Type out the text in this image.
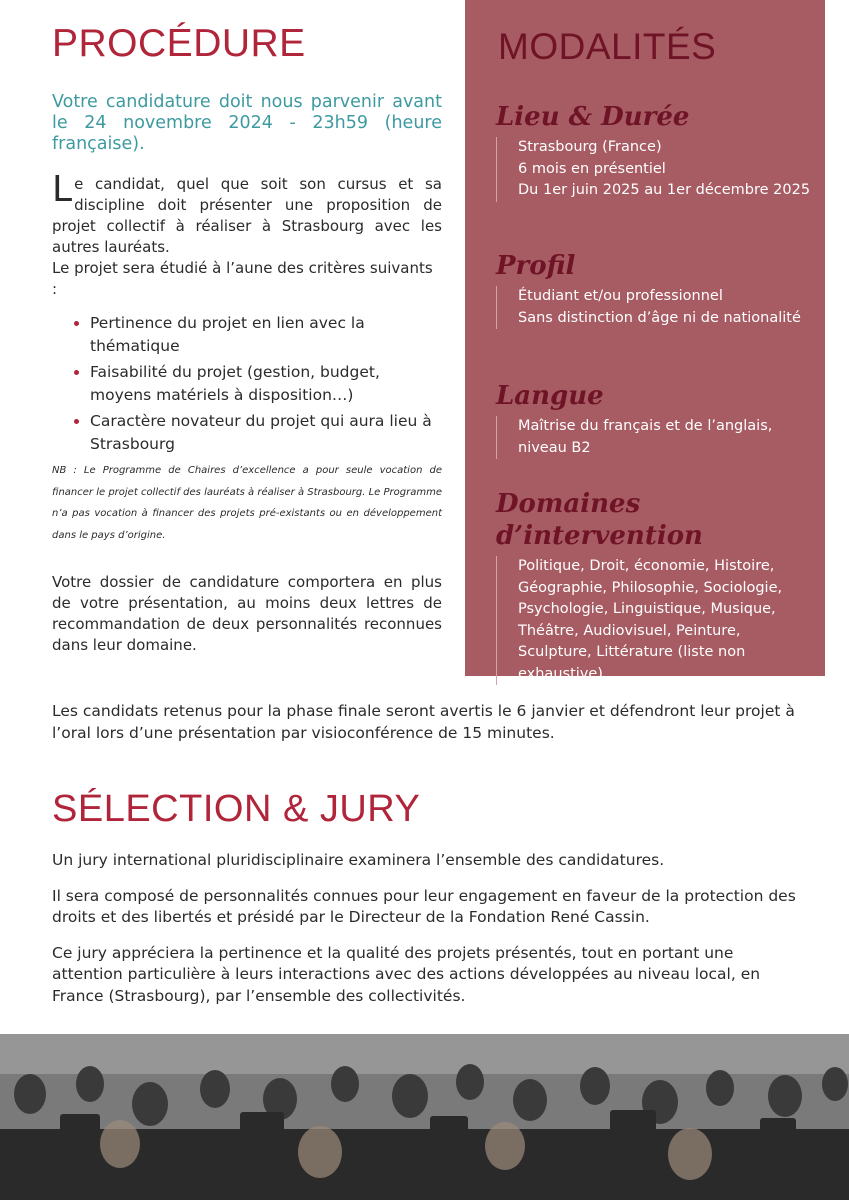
PROCÉDURE

Votre candidature doit nous parvenir avant le 24 novembre 2024 - 23h59 (heure française).

Le candidat, quel que soit son cursus et sa discipline doit présenter une proposition de projet collectif à réaliser à Strasbourg avec les autres lauréats.

Le projet sera étudié à l’aune des critères suivants :

Pertinence du projet en lien avec la thématique
Faisabilité du projet (gestion, budget, moyens matériels à disposition…)
Caractère novateur du projet qui aura lieu à Strasbourg

NB : Le Programme de Chaires d’excellence a pour seule vocation de financer le projet collectif des lauréats à réaliser à Strasbourg. Le Programme n’a pas vocation à financer des projets pré-existants ou en développement dans le pays d’origine.

Votre dossier de candidature comportera en plus de votre présentation, au moins deux lettres de recommandation de deux personnalités reconnues dans leur domaine.

MODALITÉS
Lieu & Durée
Strasbourg (France)
6 mois en présentiel
Du 1er juin 2025 au 1er décembre 2025
Profil
Étudiant et/ou professionnel
Sans distinction d’âge ni de nationalité
Langue
Maîtrise du français et de l’anglais, niveau B2
Domaines d’intervention
Politique, Droit, économie, Histoire, Géographie, Philosophie, Sociologie, Psychologie, Linguistique, Musique, Théâtre, Audiovisuel, Peinture, Sculpture, Littérature (liste non exhaustive).

Les candidats retenus pour la phase finale seront avertis le 6 janvier et défendront leur projet à l’oral lors d’une présentation par visioconférence de 15 minutes.

SÉLECTION & JURY

Un jury international pluridisciplinaire examinera l’ensemble des candidatures.

Il sera composé de personnalités connues pour leur engagement en faveur de la protection des droits et des libertés et présidé par le Directeur de la Fondation René Cassin.

Ce jury appréciera la pertinence et la qualité des projets présentés, tout en portant une attention particulière à leurs interactions avec des actions développées au niveau local, en France (Strasbourg), par l’ensemble des collectivités.
